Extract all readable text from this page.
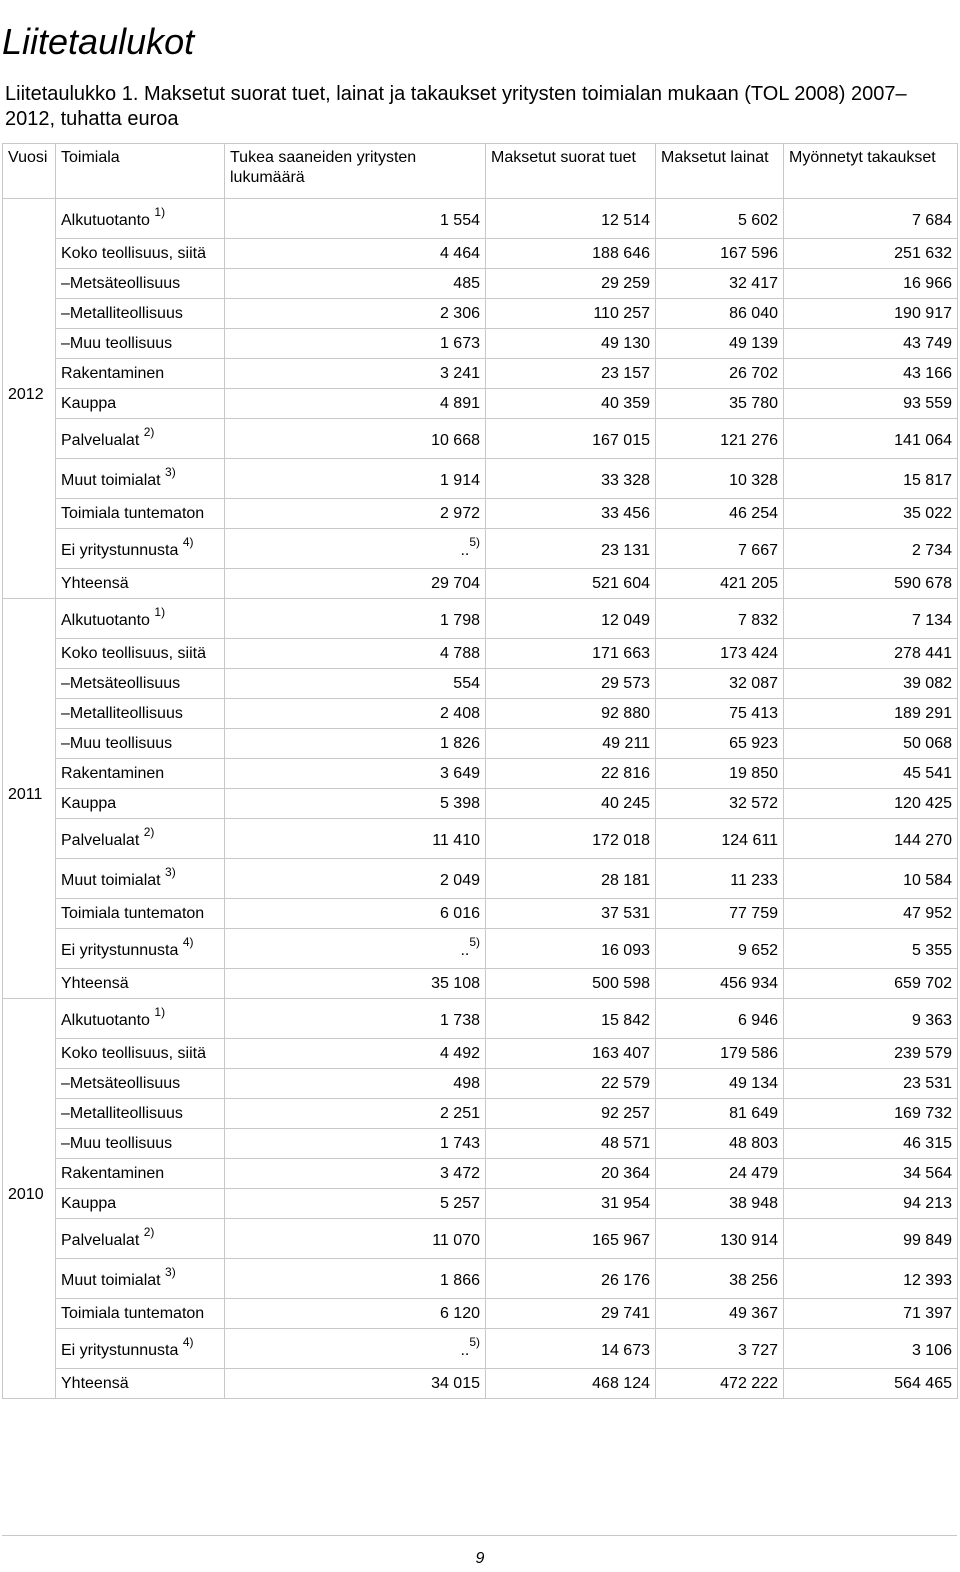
Liitetaulukot
Liitetaulukko 1. Maksetut suorat tuet, lainat ja takaukset yritysten toimialan mukaan (TOL 2008) 2007–2012, tuhatta euroa
Vuosi	Toimiala	Tukea saaneiden yritysten lukumäärä	Maksetut suorat tuet	Maksetut lainat	Myönnetyt takaukset
2012	Alkutuotanto $^{1)}$	1 554	12 514	5 602	7 684
	Koko teollisuus, siitä	4 464	188 646	167 596	251 632
	–Metsäteollisuus	485	29 259	32 417	16 966
	–Metalliteollisuus	2 306	110 257	86 040	190 917
	–Muu teollisuus	1 673	49 130	49 139	43 749
	Rakentaminen	3 241	23 157	26 702	43 166
	Kauppa	4 891	40 359	35 780	93 559
	Palvelualat $^{2)}$	10 668	167 015	121 276	141 064
	Muut toimialat $^{3)}$	1 914	33 328	10 328	15 817
	Toimiala tuntematon	2 972	33 456	46 254	35 022
	Ei yritystunnusta $^{4)}$	..$^{5)}$	23 131	7 667	2 734
	Yhteensä	29 704	521 604	421 205	590 678
2011	Alkutuotanto $^{1)}$	1 798	12 049	7 832	7 134
	Koko teollisuus, siitä	4 788	171 663	173 424	278 441
	–Metsäteollisuus	554	29 573	32 087	39 082
	–Metalliteollisuus	2 408	92 880	75 413	189 291
	–Muu teollisuus	1 826	49 211	65 923	50 068
	Rakentaminen	3 649	22 816	19 850	45 541
	Kauppa	5 398	40 245	32 572	120 425
	Palvelualat $^{2)}$	11 410	172 018	124 611	144 270
	Muut toimialat $^{3)}$	2 049	28 181	11 233	10 584
	Toimiala tuntematon	6 016	37 531	77 759	47 952
	Ei yritystunnusta $^{4)}$	..$^{5)}$	16 093	9 652	5 355
	Yhteensä	35 108	500 598	456 934	659 702
2010	Alkutuotanto $^{1)}$	1 738	15 842	6 946	9 363
	Koko teollisuus, siitä	4 492	163 407	179 586	239 579
	–Metsäteollisuus	498	22 579	49 134	23 531
	–Metalliteollisuus	2 251	92 257	81 649	169 732
	–Muu teollisuus	1 743	48 571	48 803	46 315
	Rakentaminen	3 472	20 364	24 479	34 564
	Kauppa	5 257	31 954	38 948	94 213
	Palvelualat $^{2)}$	11 070	165 967	130 914	99 849
	Muut toimialat $^{3)}$	1 866	26 176	38 256	12 393
	Toimiala tuntematon	6 120	29 741	49 367	71 397
	Ei yritystunnusta $^{4)}$	..$^{5)}$	14 673	3 727	3 106
	Yhteensä	34 015	468 124	472 222	564 465
9
